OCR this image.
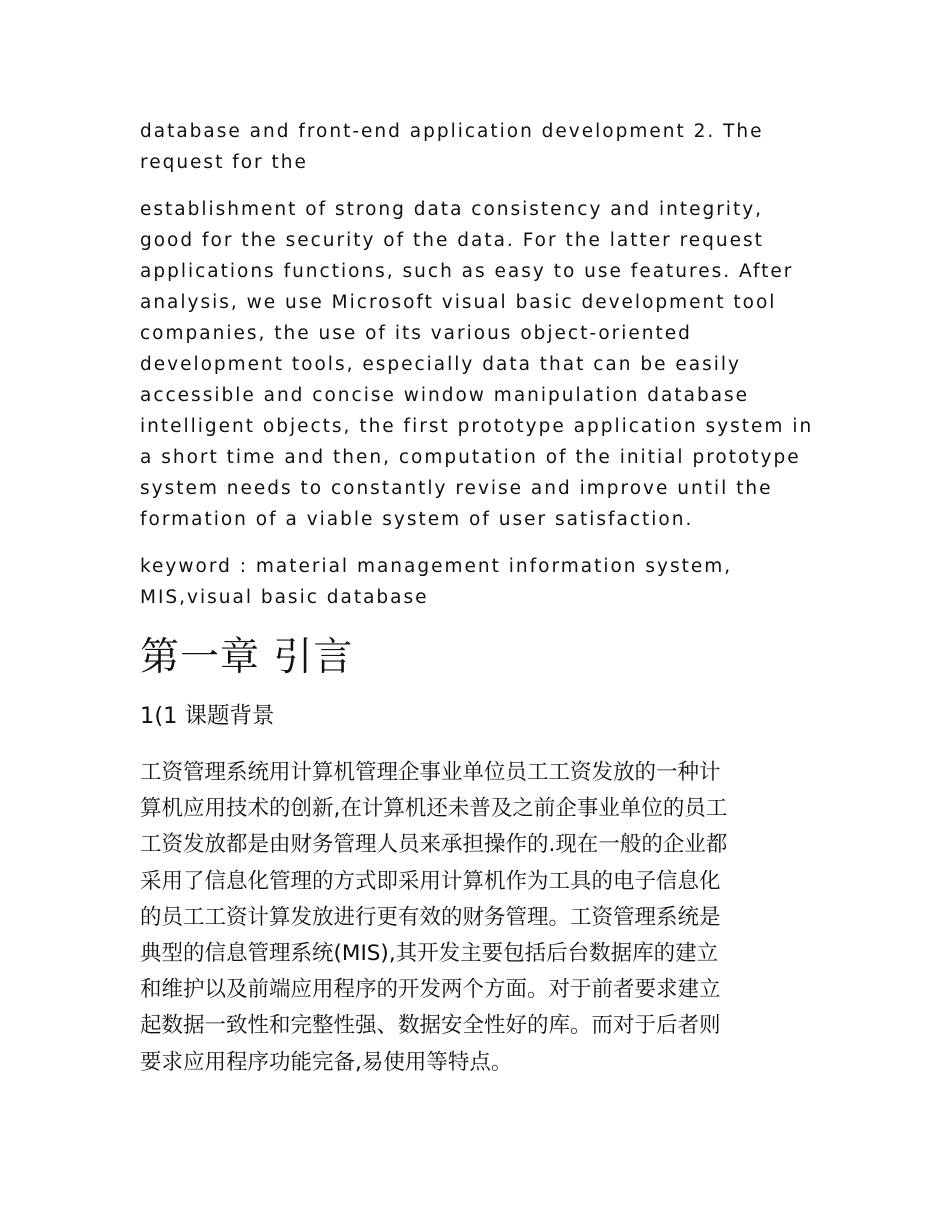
database and front-end application development 2. The
request for the

establishment of strong data consistency and integrity,
good for the security of the data. For the latter request
applications functions, such as easy to use features. After
analysis, we use Microsoft visual basic development tool
companies, the use of its various object-oriented
development tools, especially data that can be easily
accessible and concise window manipulation database
intelligent objects, the first prototype application system in
a short time and then, computation of the initial prototype
system needs to constantly revise and improve until the
formation of a viable system of user satisfaction.

keyword : material management information system,
MIS,visual basic database

第一章 引言
1(1 课题背景

工资管理系统用计算机管理企事业单位员工工资发放的一种计
算机应用技术的创新,在计算机还未普及之前企事业单位的员工
工资发放都是由财务管理人员来承担操作的.现在一般的企业都
采用了信息化管理的方式即采用计算机作为工具的电子信息化
的员工工资计算发放进行更有效的财务管理。工资管理系统是
典型的信息管理系统(MIS),其开发主要包括后台数据库的建立
和维护以及前端应用程序的开发两个方面。对于前者要求建立
起数据一致性和完整性强、数据安全性好的库。而对于后者则
要求应用程序功能完备,易使用等特点。
